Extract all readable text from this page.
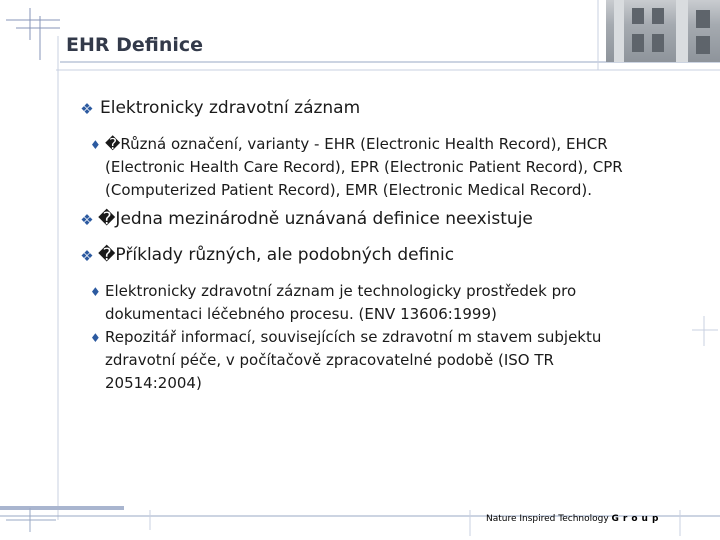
EHR Definice
❖ Elektronicky zdravotní záznam
♦ �Různá označení, varianty - EHR (Electronic Health Record), EHCR (Electronic Health Care Record), EPR (Electronic Patient Record), CPR (Computerized Patient Record), EMR (Electronic Medical Record).
❖ �Jedna mezinárodně uznávaná definice neexistuje
❖ �Příklady různých, ale podobných definic
♦ Elektronicky zdravotní záznam je technologicky prostředek pro dokumentaci léčebného procesu. (ENV 13606:1999)
♦ Repozitář informací, souvisejících se zdravotní m stavem subjektu zdravotní péče, v počítačově zpracovatelné podobě (ISO TR 20514:2004)
Nature Inspired Technology Group
